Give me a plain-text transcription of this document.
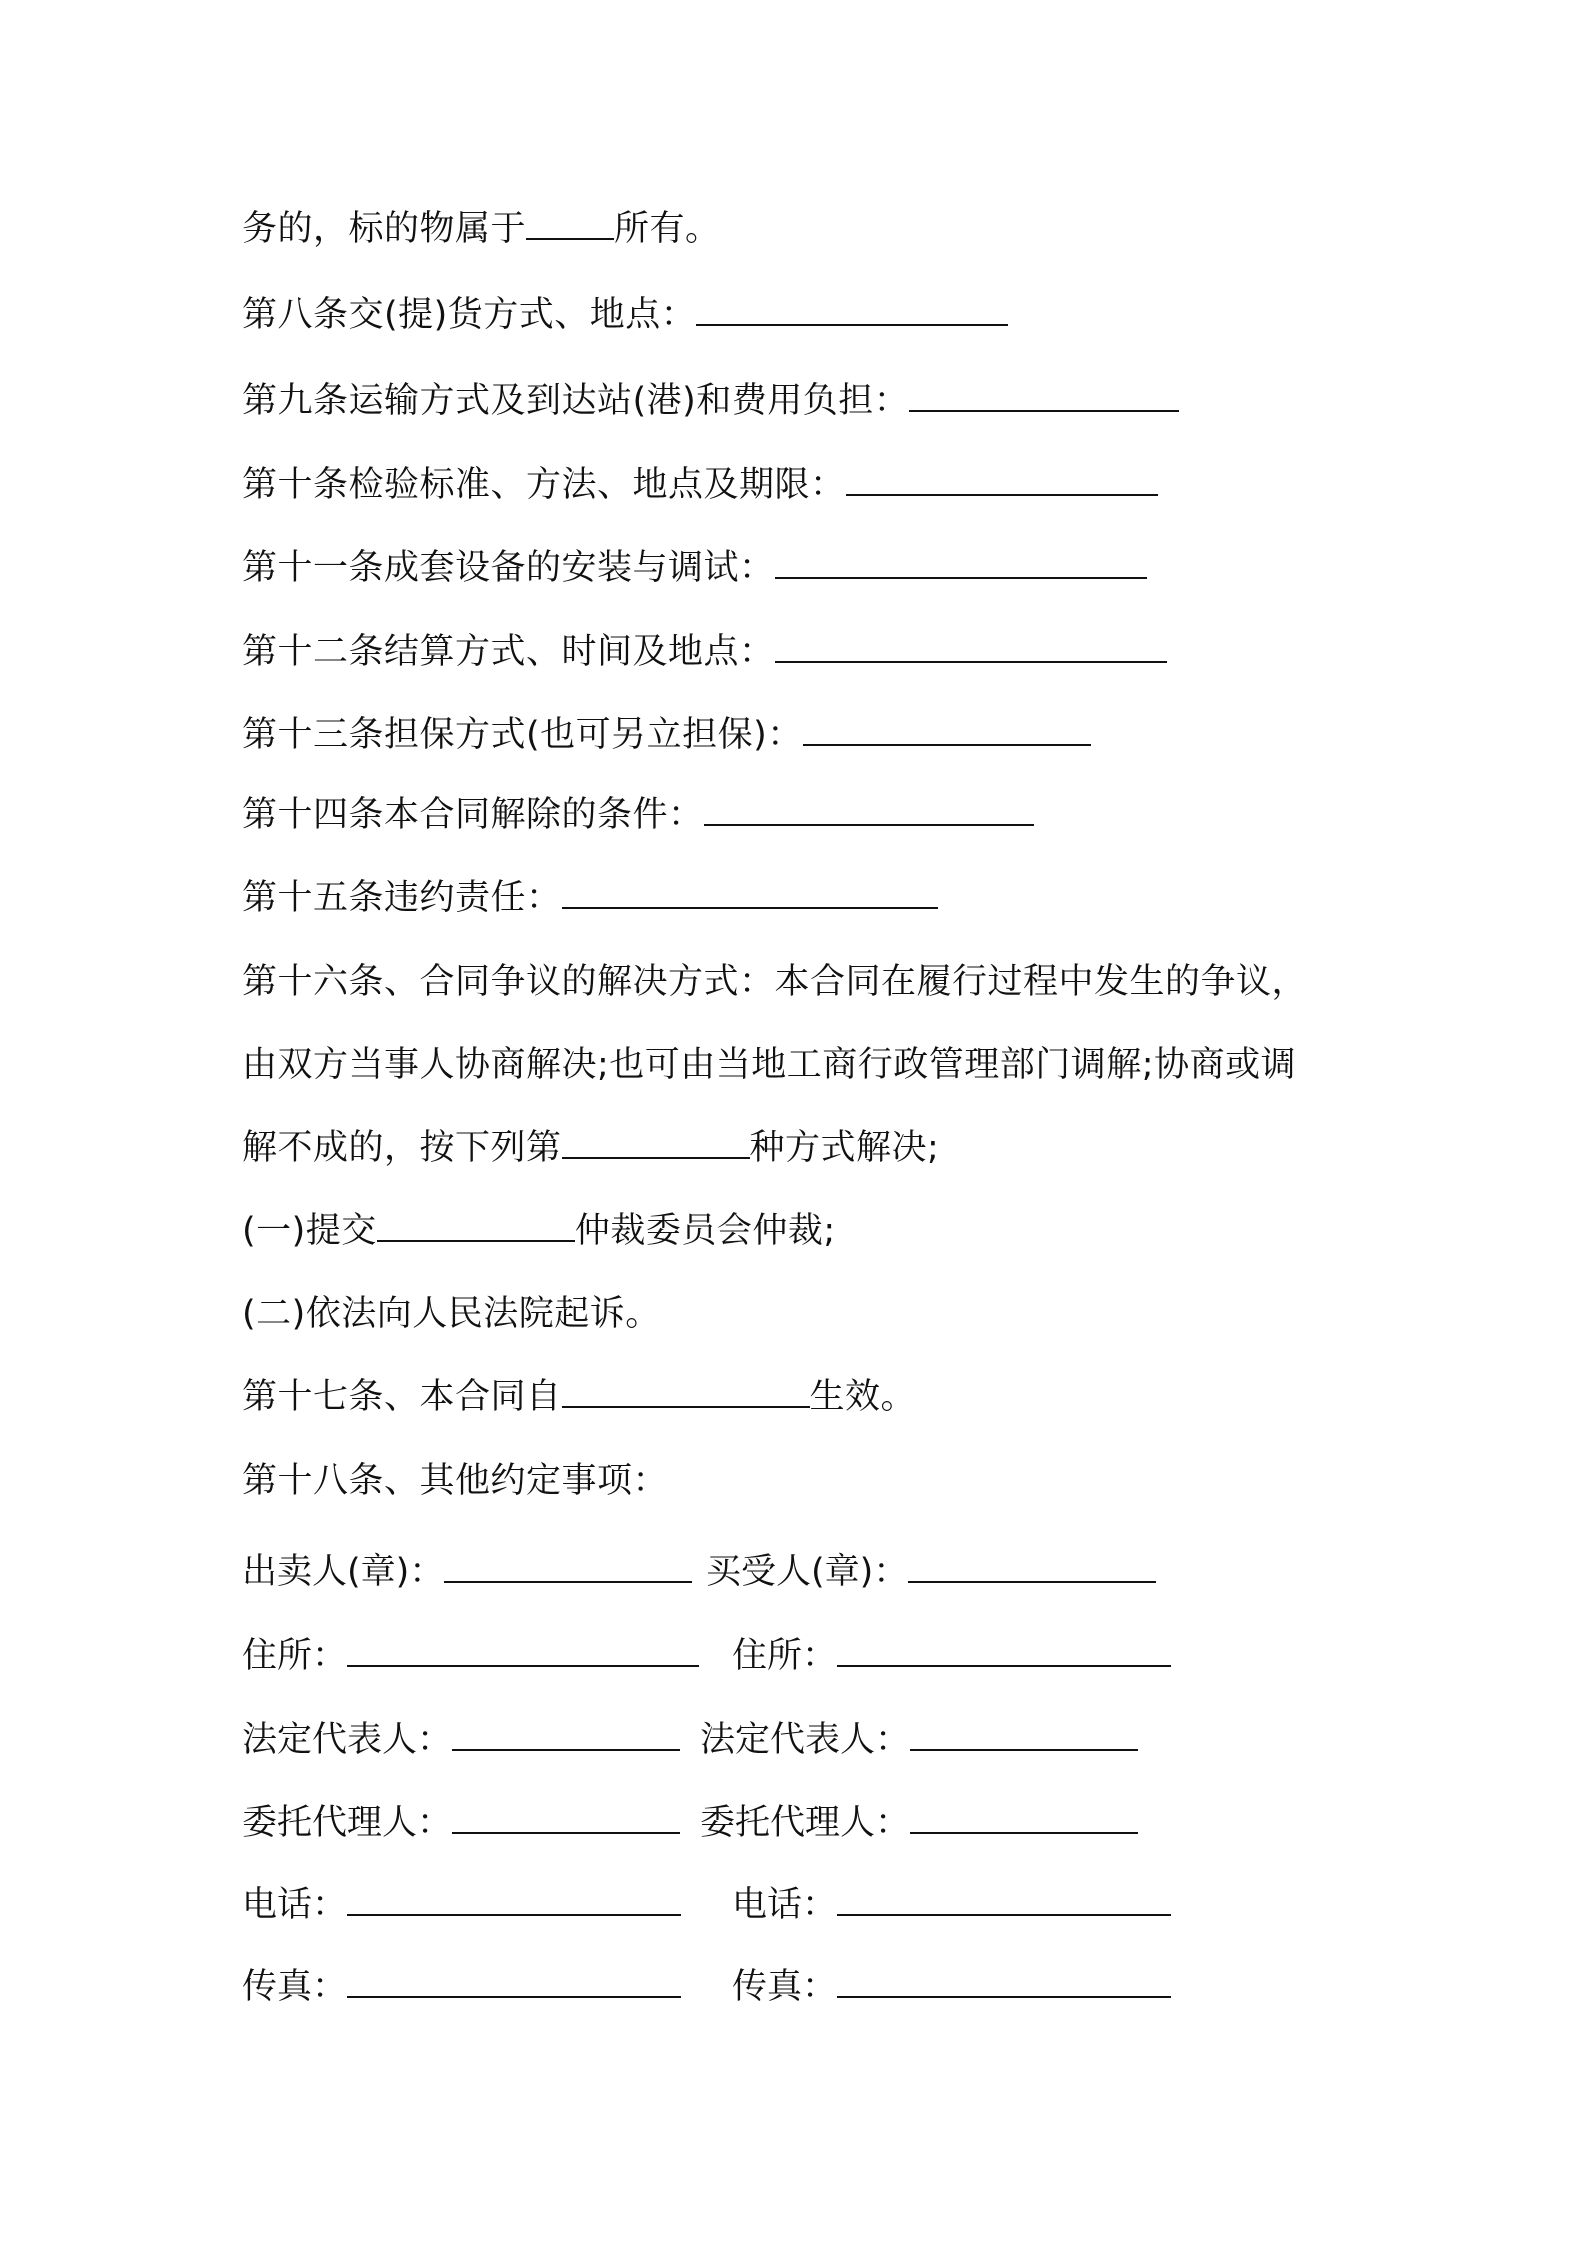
务的，标的物属于	所有。
第八条交(提)货方式、地点：
第九条运输方式及到达站(港)和费用负担：
第十条检验标准、方法、地点及期限：
第十一条成套设备的安装与调试：
第十二条结算方式、时间及地点：
第十三条担保方式(也可另立担保)：
第十四条本合同解除的条件：
第十五条违约责任：
第十六条、合同争议的解决方式：本合同在履行过程中发生的争议，
由双方当事人协商解决;也可由当地工商行政管理部门调解;协商或调
解不成的，按下列第	种方式解决;
(一)提交	仲裁委员会仲裁;
(二)依法向人民法院起诉。
第十七条、本合同自	生效。
第十八条、其他约定事项：
出卖人(章)：	买受人(章)：
住所：	住所：
法定代表人：	法定代表人：
委托代理人：	委托代理人：
电话：	电话：
传真：	传真：
